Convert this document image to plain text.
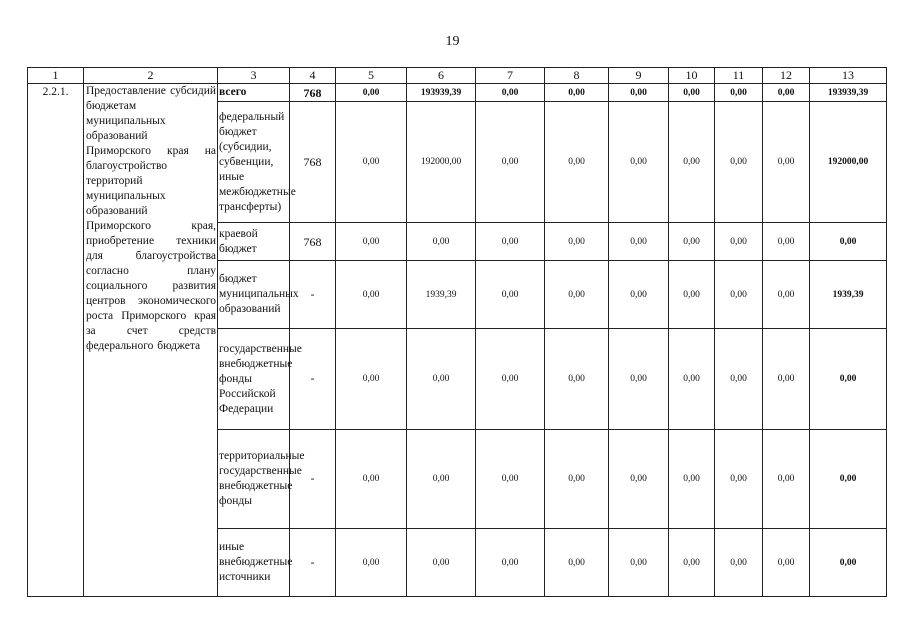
19
1	2	3	4	5	6	7	8	9	10	11	12	13
2.2.1.	Предоставление субсидий бюджетам муниципальных образований Приморского края на благоустройство территорий муниципальных образований Приморского края, приобретение техники для благоустройства согласно плану социального развития центров экономического роста Приморского края за счет средств федерального бюджета	всего	768	0,00	193939,39	0,00	0,00	0,00	0,00	0,00	0,00	193939,39
		федеральный бюджет (субсидии, субвенции, иные межбюджетные трансферты)	768	0,00	192000,00	0,00	0,00	0,00	0,00	0,00	0,00	192000,00
		краевой бюджет	768	0,00	0,00	0,00	0,00	0,00	0,00	0,00	0,00	0,00
		бюджет муниципальных образований	-	0,00	1939,39	0,00	0,00	0,00	0,00	0,00	0,00	1939,39
		государственные внебюджетные фонды Российской Федерации	-	0,00	0,00	0,00	0,00	0,00	0,00	0,00	0,00	0,00
		территориальные государственные внебюджетные фонды	-	0,00	0,00	0,00	0,00	0,00	0,00	0,00	0,00	0,00
		иные внебюджетные источники	-	0,00	0,00	0,00	0,00	0,00	0,00	0,00	0,00	0,00
